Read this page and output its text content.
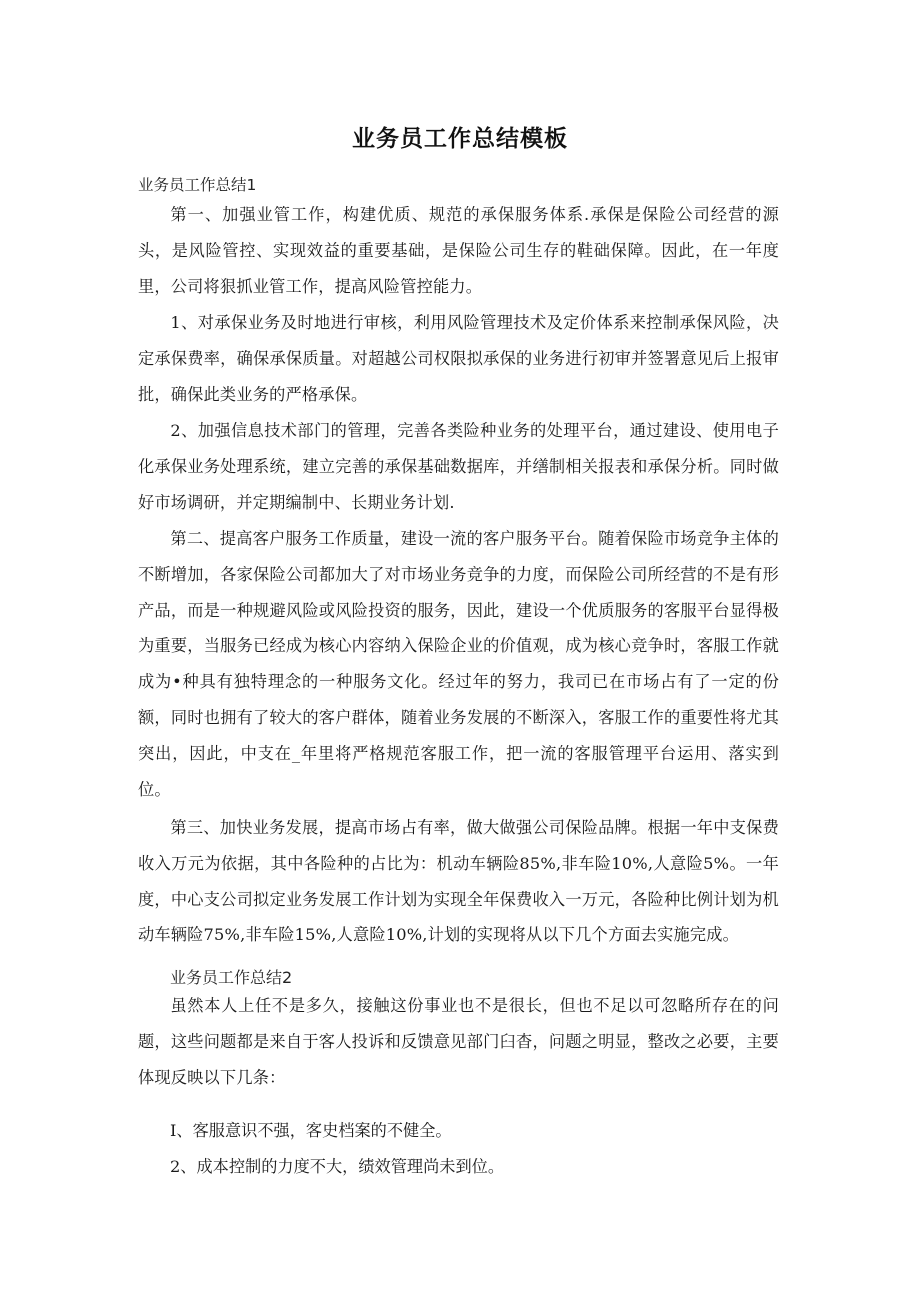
业务员工作总结模板
业务员工作总结1
第一、加强业管工作，构建优质、规范的承保服务体系.承保是保险公司经营的源头，是风险管控、实现效益的重要基础，是保险公司生存的鞋础保障。因此，在一年度里，公司将狠抓业管工作，提高风险管控能力。
1、对承保业务及时地进行审核，利用风险管理技术及定价体系来控制承保风险，决定承保费率，确保承保质量。对超越公司权限拟承保的业务进行初审并签署意见后上报审批，确保此类业务的严格承保。
2、加强信息技术部门的管理，完善各类险种业务的处理平台，通过建设、使用电子化承保业务处理系统，建立完善的承保基础数据库，并缮制相关报表和承保分析。同时做好市场调研，并定期编制中、长期业务计划.
第二、提高客户服务工作质量，建设一流的客户服务平台。随着保险市场竞争主体的不断增加，各家保险公司都加大了对市场业务竞争的力度，而保险公司所经营的不是有形产品，而是一种规避风险或风险投资的服务，因此，建设一个优质服务的客服平台显得极为重要，当服务已经成为核心内容纳入保险企业的价值观，成为核心竞争时，客服工作就成为•种具有独特理念的一种服务文化。经过年的努力，我司已在市场占有了一定的份额，同时也拥有了较大的客户群体，随着业务发展的不断深入，客服工作的重要性将尤其突出，因此，中支在_年里将严格规范客服工作，把一流的客服管理平台运用、落实到位。
第三、加快业务发展，提高市场占有率，做大做强公司保险品牌。根据一年中支保费收入万元为依据，其中各险种的占比为：机动车辆险85%,非车险10%,人意险5%。一年度，中心支公司拟定业务发展工作计划为实现全年保费收入一万元，各险种比例计划为机动车辆险75%,非车险15%,人意险10%,计划的实现将从以下几个方面去实施完成。
业务员工作总结2
虽然本人上任不是多久，接触这份事业也不是很长，但也不足以可忽略所存在的问题，这些问题都是来自于客人投诉和反馈意见部门臼杳，问题之明显，整改之必要，主要体现反映以下几条：
I、客服意识不强，客史档案的不健全。
2、成本控制的力度不大，绩效管理尚未到位。
